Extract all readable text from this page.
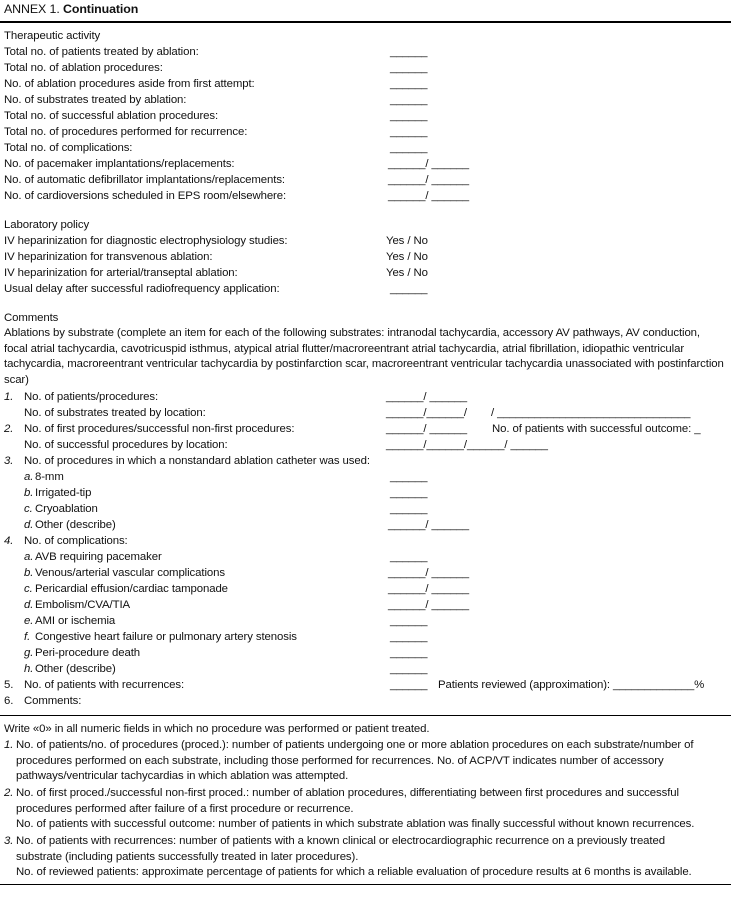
ANNEX 1. Continuation
Therapeutic activity
Total no. of patients treated by ablation:	______
Total no. of ablation procedures:	______
No. of ablation procedures aside from first attempt:	______
No. of substrates treated by ablation:	______
Total no. of successful ablation procedures:	______
Total no. of procedures performed for recurrence:	______
Total no. of complications:	______
No. of pacemaker implantations/replacements:	______/ ______
No. of automatic defibrillator implantations/replacements:	______/ ______
No. of cardioversions scheduled in EPS room/elsewhere:	______/ ______
Laboratory policy
IV heparinization for diagnostic electrophysiology studies:	Yes / No
IV heparinization for transvenous ablation:	Yes / No
IV heparinization for arterial/transeptal ablation:	Yes / No
Usual delay after successful radiofrequency application:	______
Comments
Ablations by substrate (complete an item for each of the following substrates: intranodal tachycardia, accessory AV pathways, AV conduction, focal atrial tachycardia, cavotricuspid isthmus, atypical atrial flutter/macroreentrant atrial tachycardia, atrial fibrillation, idiopathic ventricular tachycardia, macroreentrant ventricular tachycardia by postinfarction scar, macroreentrant ventricular tachycardia unassociated with postinfarction scar)
1. No. of patients/procedures:	______/ ______
No. of substrates treated by location:	______/______/ / _______________________________
2. No. of first procedures/successful non-first procedures:	______/ ______ No. of patients with successful outcome: _
No. of successful procedures by location:	______/______/______/ ______
3. No. of procedures in which a nonstandard ablation catheter was used:
a. 8-mm	______
b. Irrigated-tip	______
c. Cryoablation	______
d. Other (describe)	______/ ______
4. No. of complications:
a. AVB requiring pacemaker	______
b. Venous/arterial vascular complications	______/ ______
c. Pericardial effusion/cardiac tamponade	______/ ______
d. Embolism/CVA/TIA	______/ ______
e. AMI or ischemia	______
f. Congestive heart failure or pulmonary artery stenosis	______
g. Peri-procedure death	______
h. Other (describe)	______
5. No. of patients with recurrences:	______ Patients reviewed (approximation): _____________%
6. Comments:
Write «0» in all numeric fields in which no procedure was performed or patient treated.
1. No. of patients/no. of procedures (proced.): number of patients undergoing one or more ablation procedures on each substrate/number of procedures performed on each substrate, including those performed for recurrences. No. of ACP/VT indicates number of accessory pathways/ventricular tachycardias in which ablation was attempted.
2. No. of first proced./successful non-first proced.: number of ablation procedures, differentiating between first procedures and successful procedures performed after failure of a first procedure or recurrence.
No. of patients with successful outcome: number of patients in which substrate ablation was finally successful without known recurrences.
3. No. of patients with recurrences: number of patients with a known clinical or electrocardiographic recurrence on a previously treated substrate (including patients successfully treated in later procedures).
No. of reviewed patients: approximate percentage of patients for which a reliable evaluation of procedure results at 6 months is available.
